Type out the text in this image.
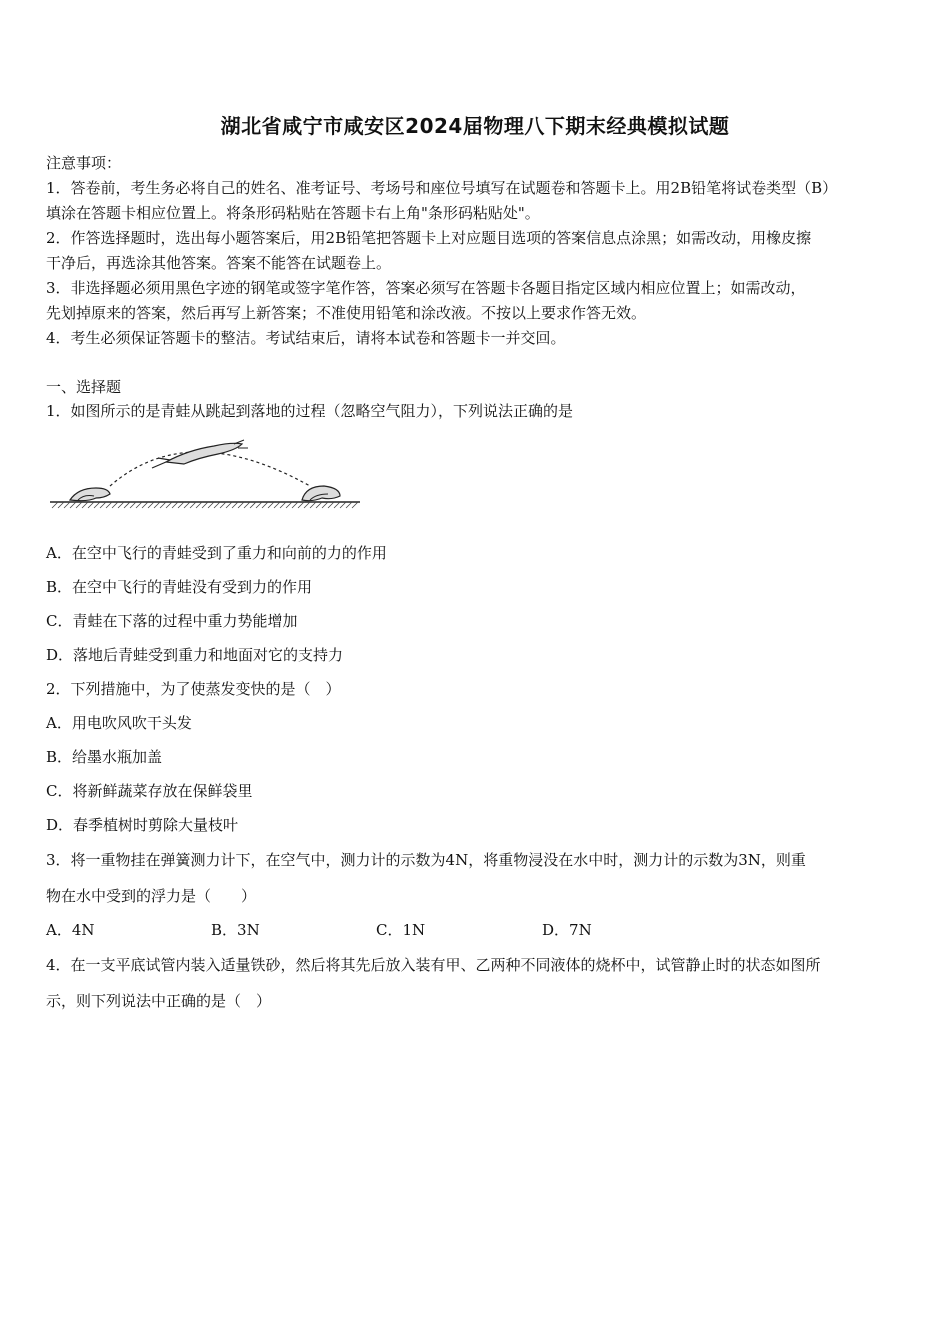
湖北省咸宁市咸安区2024届物理八下期末经典模拟试题
注意事项：
1．答卷前，考生务必将自己的姓名、准考证号、考场号和座位号填写在试题卷和答题卡上。用2B铅笔将试卷类型（B）
填涂在答题卡相应位置上。将条形码粘贴在答题卡右上角"条形码粘贴处"。
2．作答选择题时，选出每小题答案后，用2B铅笔把答题卡上对应题目选项的答案信息点涂黑；如需改动，用橡皮擦
干净后，再选涂其他答案。答案不能答在试题卷上。
3．非选择题必须用黑色字迹的钢笔或签字笔作答，答案必须写在答题卡各题目指定区域内相应位置上；如需改动，
先划掉原来的答案，然后再写上新答案；不准使用铅笔和涂改液。不按以上要求作答无效。
4．考生必须保证答题卡的整洁。考试结束后，请将本试卷和答题卡一并交回。
一、选择题
1．如图所示的是青蛙从跳起到落地的过程（忽略空气阻力），下列说法正确的是
A．在空中飞行的青蛙受到了重力和向前的力的作用
B．在空中飞行的青蛙没有受到力的作用
C．青蛙在下落的过程中重力势能增加
D．落地后青蛙受到重力和地面对它的支持力
2．下列措施中，为了使蒸发变快的是（　）
A．用电吹风吹干头发
B．给墨水瓶加盖
C．将新鲜蔬菜存放在保鲜袋里
D．春季植树时剪除大量枝叶
3．将一重物挂在弹簧测力计下，在空气中，测力计的示数为4N，将重物浸没在水中时，测力计的示数为3N，则重
物在水中受到的浮力是（　　）
A．4N	B．3N	C．1N	D．7N
4．在一支平底试管内装入适量铁砂，然后将其先后放入装有甲、乙两种不同液体的烧杯中，试管静止时的状态如图所
示，则下列说法中正确的是（　）
